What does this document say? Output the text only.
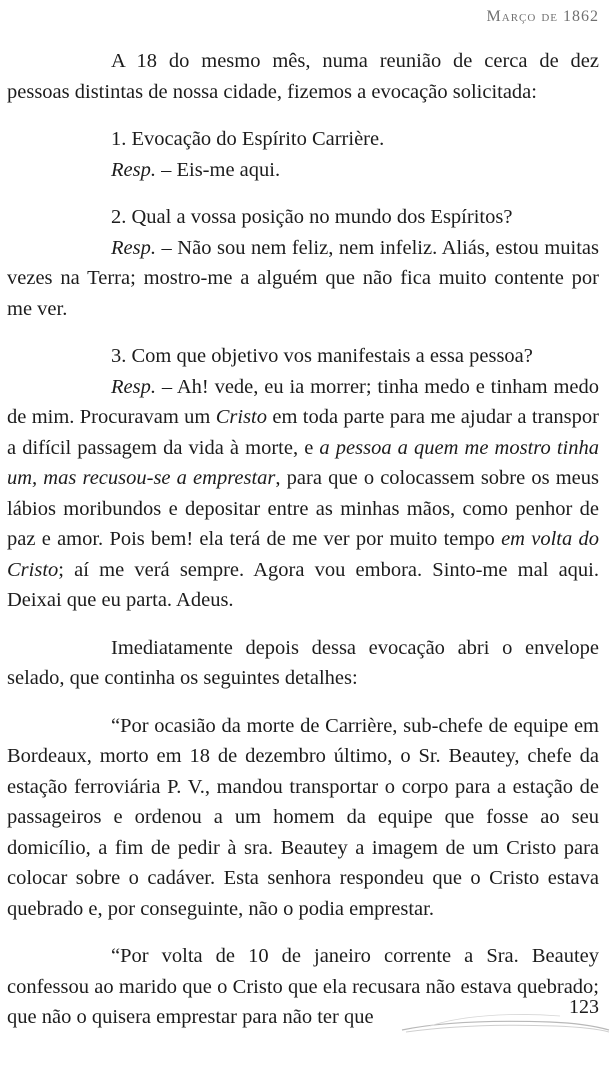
Março de 1862

A 18 do mesmo mês, numa reunião de cerca de dez pessoas distintas de nossa cidade, fizemos a evocação solicitada:

1. Evocação do Espírito Carrière.

Resp. – Eis-me aqui.

2. Qual a vossa posição no mundo dos Espíritos?

Resp. – Não sou nem feliz, nem infeliz. Aliás, estou muitas vezes na Terra; mostro-me a alguém que não fica muito contente por me ver.

3. Com que objetivo vos manifestais a essa pessoa?

Resp. – Ah! vede, eu ia morrer; tinha medo e tinham medo de mim. Procuravam um Cristo em toda parte para me ajudar a transpor a difícil passagem da vida à morte, e a pessoa a quem me mostro tinha um, mas recusou-se a emprestar, para que o colocassem sobre os meus lábios moribundos e depositar entre as minhas mãos, como penhor de paz e amor. Pois bem! ela terá de me ver por muito tempo em volta do Cristo; aí me verá sempre. Agora vou embora. Sinto-me mal aqui. Deixai que eu parta. Adeus.

Imediatamente depois dessa evocação abri o envelope selado, que continha os seguintes detalhes:

“Por ocasião da morte de Carrière, sub-chefe de equipe em Bordeaux, morto em 18 de dezembro último, o Sr. Beautey, chefe da estação ferroviária P. V., mandou transportar o corpo para a estação de passageiros e ordenou a um homem da equipe que fosse ao seu domicílio, a fim de pedir à sra. Beautey a imagem de um Cristo para colocar sobre o cadáver. Esta senhora respondeu que o Cristo estava quebrado e, por conseguinte, não o podia emprestar.

“Por volta de 10 de janeiro corrente a Sra. Beautey confessou ao marido que o Cristo que ela recusara não estava quebrado; que não o quisera emprestar para não ter que	123
